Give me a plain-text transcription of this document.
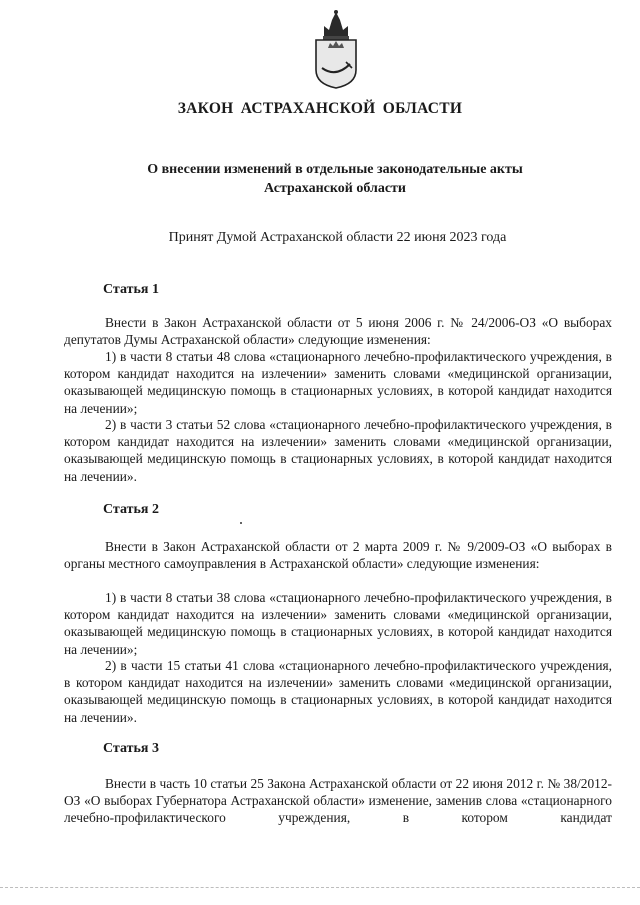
ЗАКОН АСТРАХАНСКОЙ ОБЛАСТИ
О внесении изменений в отдельные законодательные акты
Астраханской области
Принят Думой Астраханской области 22 июня 2023 года
Статья 1

Внести в Закон Астраханской области от 5 июня 2006 г. № 24/2006-ОЗ «О выборах депутатов Думы Астраханской области» следующие изменения:

1) в части 8 статьи 48 слова «стационарного лечебно-профилактического учреждения, в котором кандидат находится на излечении» заменить словами «медицинской организации, оказывающей медицинскую помощь в стационарных условиях, в которой кандидат находится на лечении»;

2) в части 3 статьи 52 слова «стационарного лечебно-профилактического учреждения, в котором кандидат находится на излечении» заменить словами «медицинской организации, оказывающей медицинскую помощь в стационарных условиях, в которой кандидат находится на лечении».

Статья 2

Внести в Закон Астраханской области от 2 марта 2009 г. № 9/2009-ОЗ «О выборах в органы местного самоуправления в Астраханской области» следующие изменения:

1) в части 8 статьи 38 слова «стационарного лечебно-профилактического учреждения, в котором кандидат находится на излечении» заменить словами «медицинской организации, оказывающей медицинскую помощь в стационарных условиях, в которой кандидат находится на лечении»;

2) в части 15 статьи 41 слова «стационарного лечебно-профилактического учреждения, в котором кандидат находится на излечении» заменить словами «медицинской организации, оказывающей медицинскую помощь в стационарных условиях, в которой кандидат находится на лечении».

Статья 3

Внести в часть 10 статьи 25 Закона Астраханской области от 22 июня 2012 г. № 38/2012-ОЗ «О выборах Губернатора Астраханской области» изменение, заменив слова «стационарного лечебно-профилактического учреждения, в котором кандидат
